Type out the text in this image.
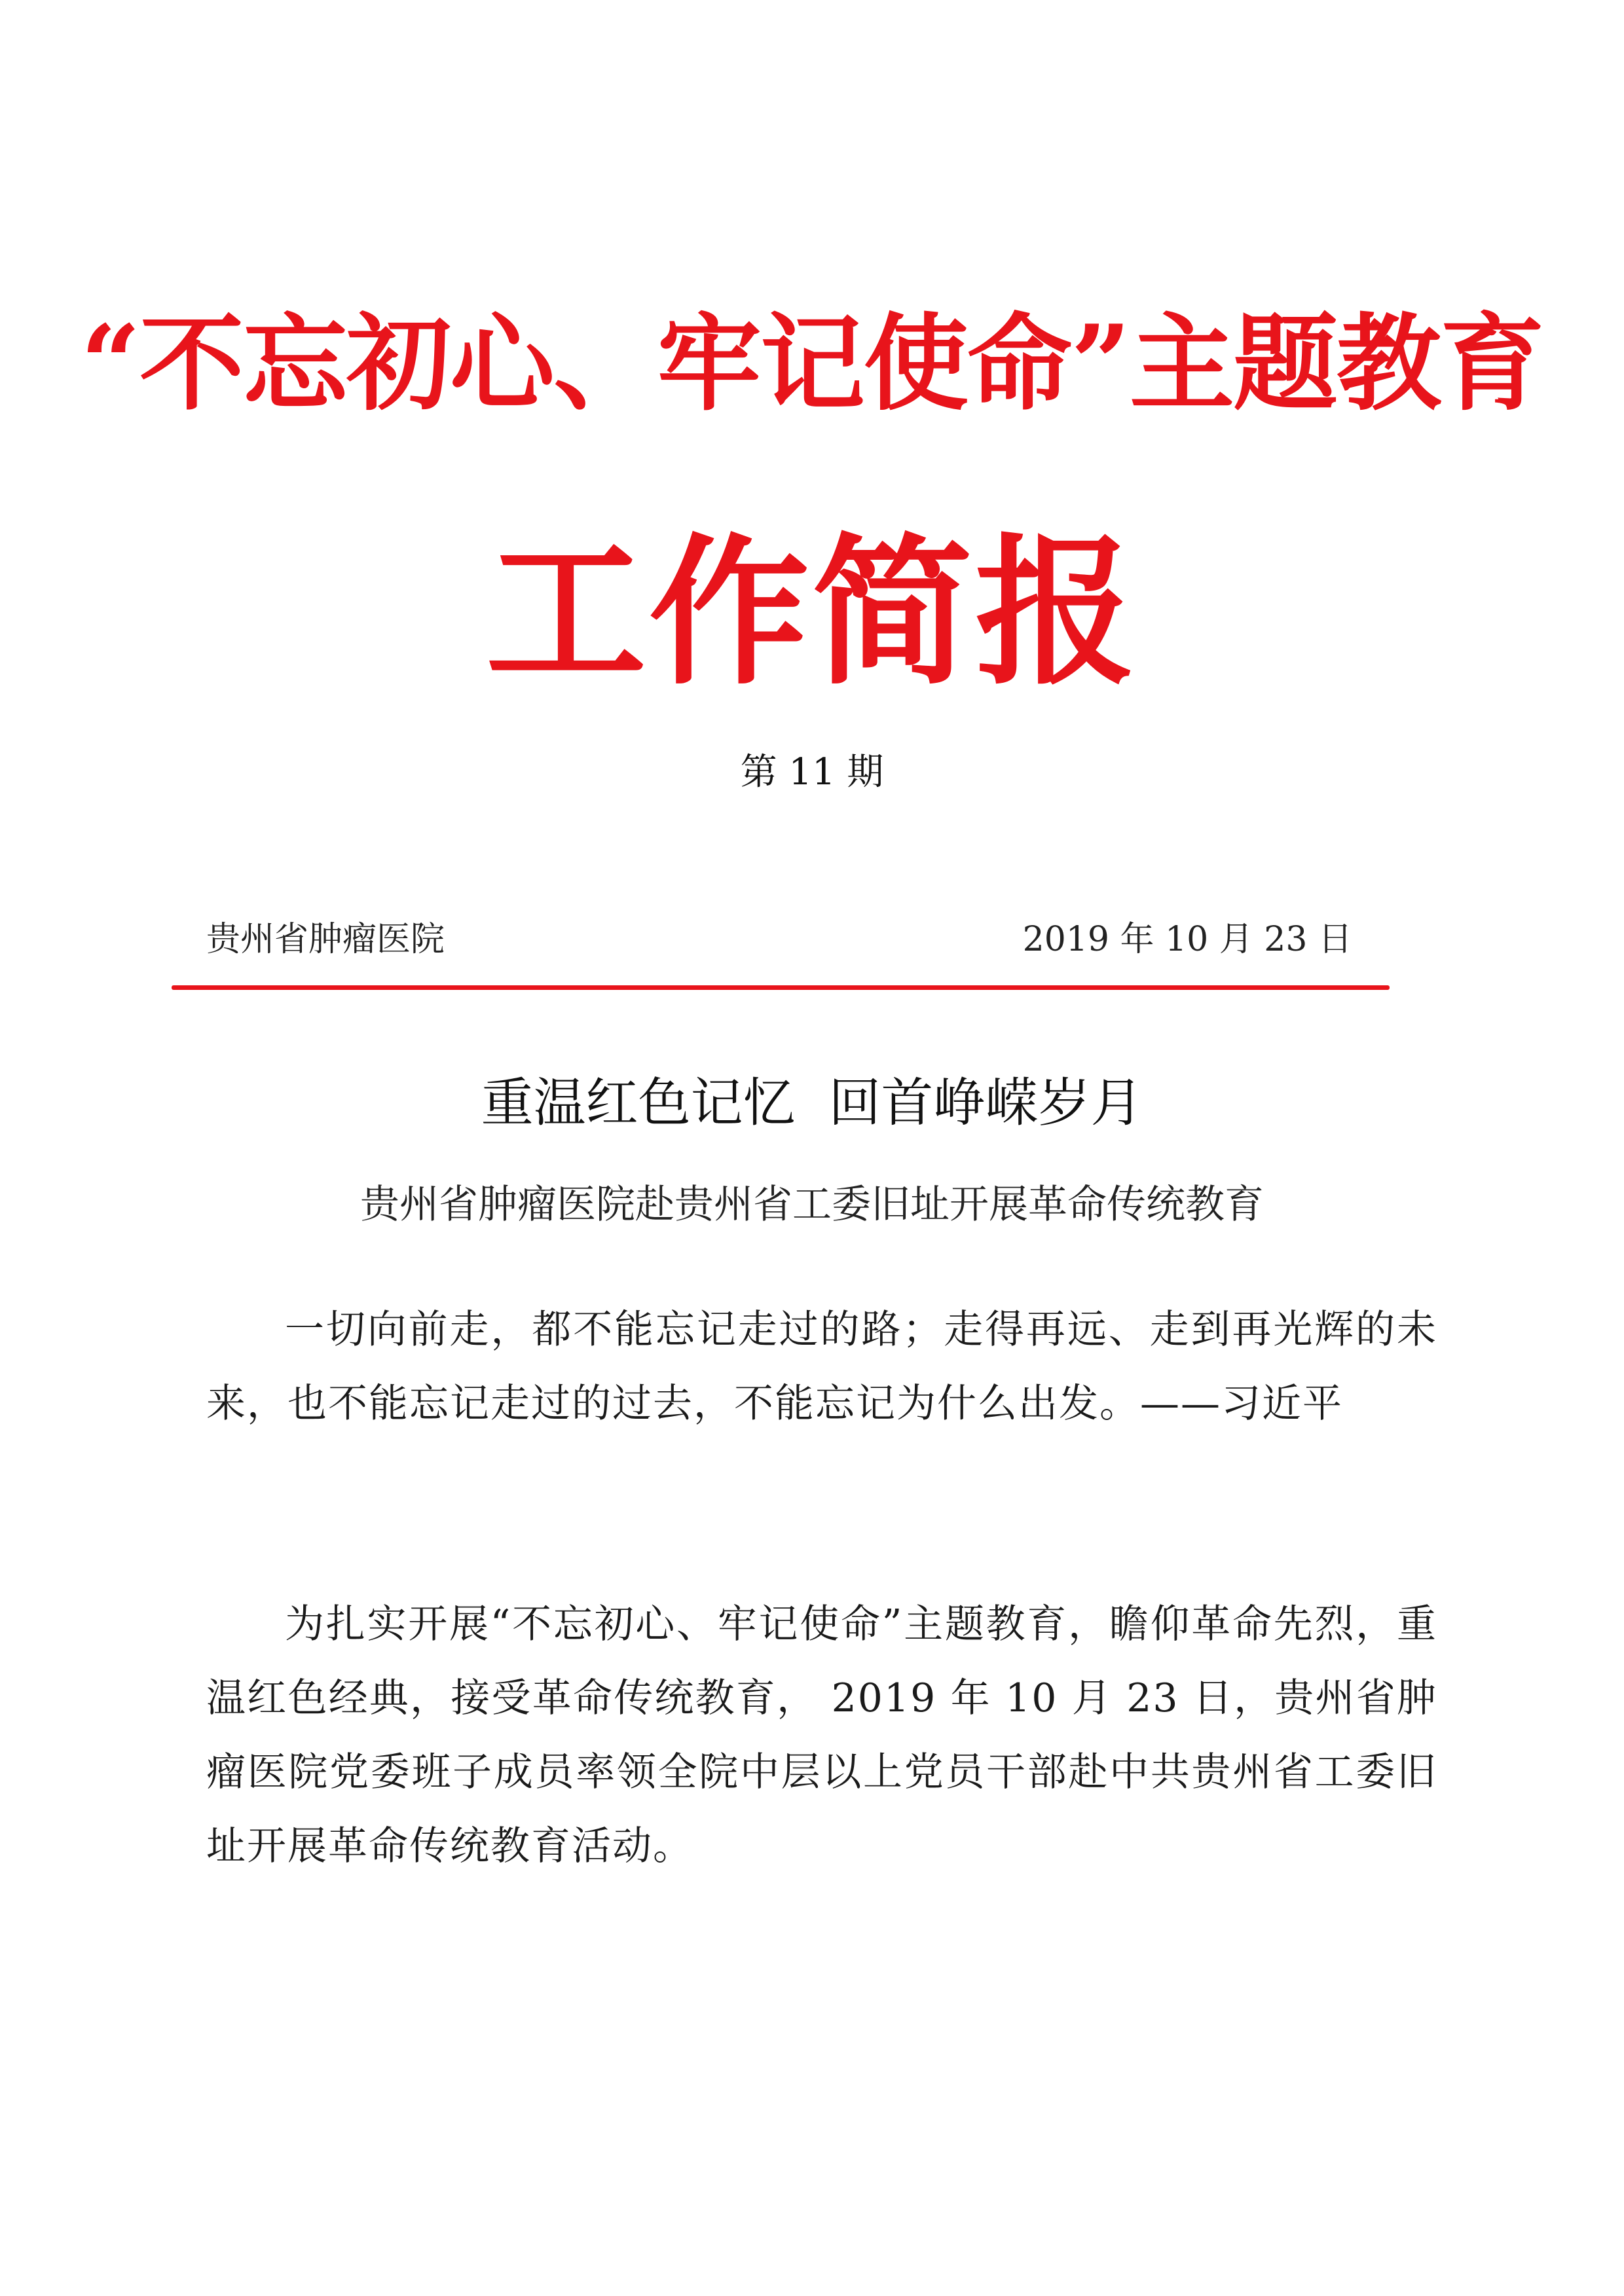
“不忘初心、牢记使命”主题教育
工作简报
第 11 期
贵州省肿瘤医院	2019 年 10 月 23 日
重温红色记忆  回首峥嵘岁月
贵州省肿瘤医院赴贵州省工委旧址开展革命传统教育
一切向前走，都不能忘记走过的路；走得再远、走到再光辉的未来，也不能忘记走过的过去，不能忘记为什么出发。——习近平
为扎实开展“不忘初心、牢记使命”主题教育，瞻仰革命先烈，重温红色经典，接受革命传统教育， 2019 年 10 月 23 日，贵州省肿瘤医院党委班子成员率领全院中层以上党员干部赴中共贵州省工委旧址开展革命传统教育活动。
